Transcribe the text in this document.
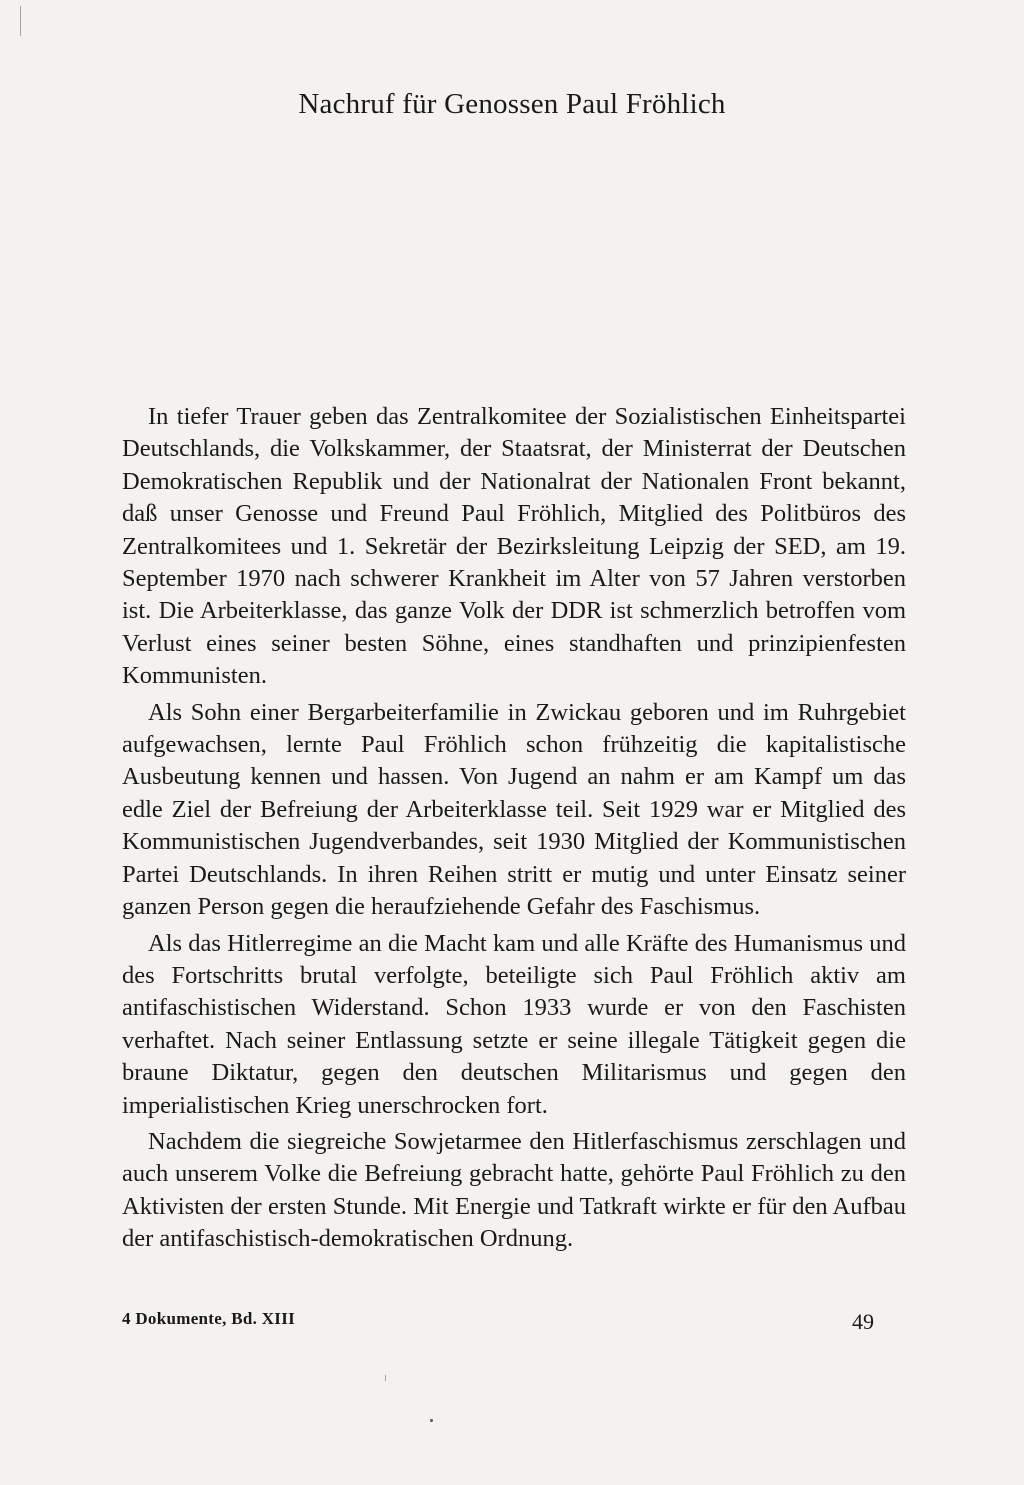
Nachruf für Genossen Paul Fröhlich

In tiefer Trauer geben das Zentralkomitee der Sozialistischen Einheitspartei Deutschlands, die Volkskammer, der Staatsrat, der Ministerrat der Deutschen Demokratischen Republik und der Nationalrat der Nationalen Front bekannt, daß unser Genosse und Freund Paul Fröhlich, Mitglied des Politbüros des Zentralkomitees und 1. Sekretär der Bezirksleitung Leipzig der SED, am 19. September 1970 nach schwerer Krankheit im Alter von 57 Jahren verstorben ist. Die Arbeiterklasse, das ganze Volk der DDR ist schmerzlich betroffen vom Verlust eines seiner besten Söhne, eines standhaften und prinzipienfesten Kommunisten.

Als Sohn einer Bergarbeiterfamilie in Zwickau geboren und im Ruhrgebiet aufgewachsen, lernte Paul Fröhlich schon frühzeitig die kapitalistische Ausbeutung kennen und hassen. Von Jugend an nahm er am Kampf um das edle Ziel der Befreiung der Arbeiterklasse teil. Seit 1929 war er Mitglied des Kommunistischen Jugendverbandes, seit 1930 Mitglied der Kommunistischen Partei Deutschlands. In ihren Reihen stritt er mutig und unter Einsatz seiner ganzen Person gegen die heraufziehende Gefahr des Faschismus.

Als das Hitlerregime an die Macht kam und alle Kräfte des Humanismus und des Fortschritts brutal verfolgte, beteiligte sich Paul Fröhlich aktiv am antifaschistischen Widerstand. Schon 1933 wurde er von den Faschisten verhaftet. Nach seiner Entlassung setzte er seine illegale Tätigkeit gegen die braune Diktatur, gegen den deutschen Militarismus und gegen den imperialistischen Krieg unerschrocken fort.

Nachdem die siegreiche Sowjetarmee den Hitlerfaschismus zerschlagen und auch unserem Volke die Befreiung gebracht hatte, gehörte Paul Fröhlich zu den Aktivisten der ersten Stunde. Mit Energie und Tatkraft wirkte er für den Aufbau der antifaschistisch-demokratischen Ordnung.

4 Dokumente, Bd. XIII	49
